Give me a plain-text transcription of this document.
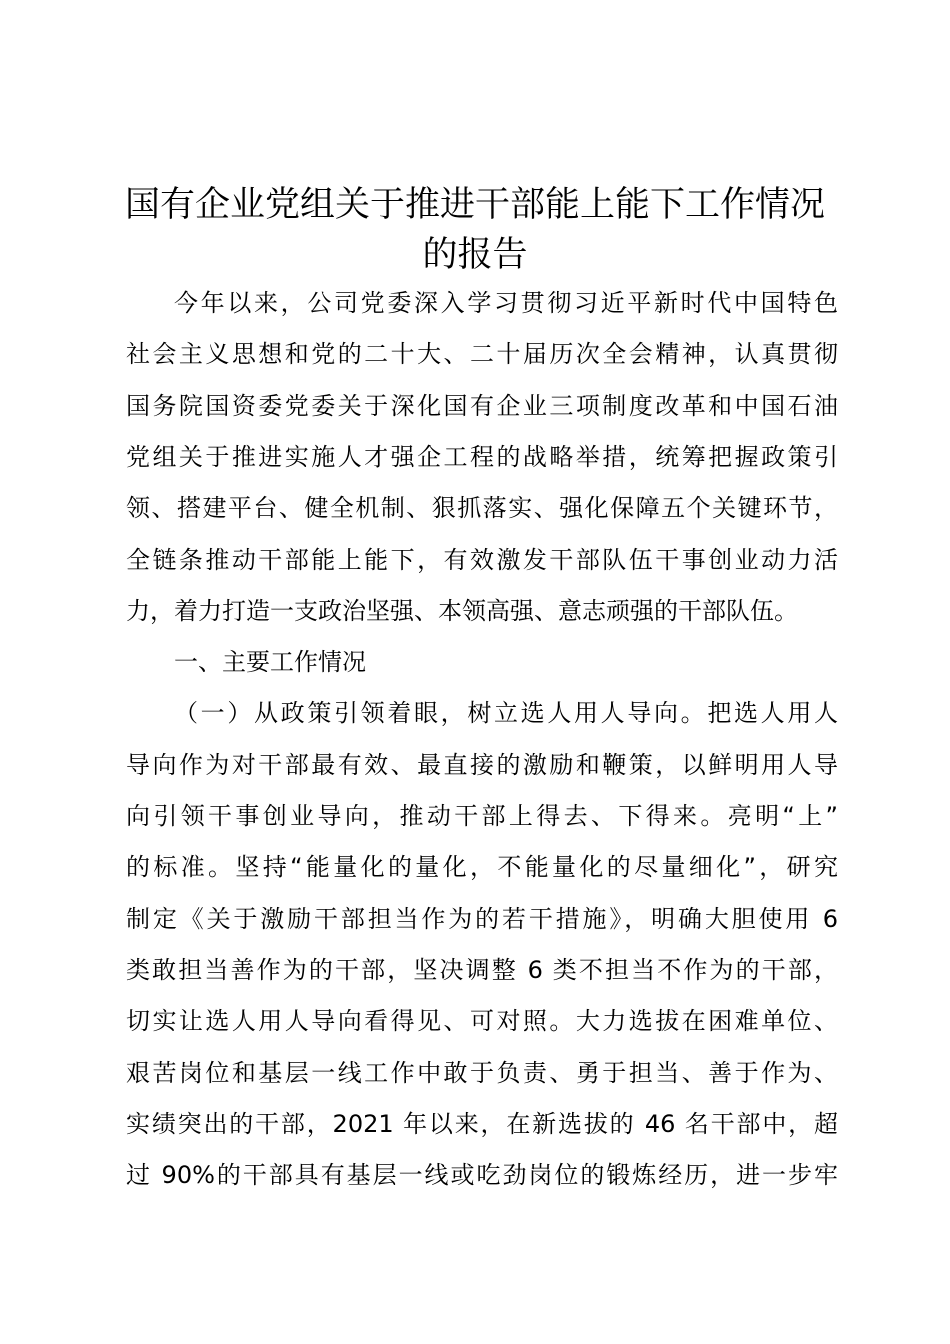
国有企业党组关于推进干部能上能下工作情况
的报告
今年以来，公司党委深入学习贯彻习近平新时代中国特色
社会主义思想和党的二十大、二十届历次全会精神，认真贯彻
国务院国资委党委关于深化国有企业三项制度改革和中国石油
党组关于推进实施人才强企工程的战略举措，统筹把握政策引
领、搭建平台、健全机制、狠抓落实、强化保障五个关键环节，
全链条推动干部能上能下，有效激发干部队伍干事创业动力活
力，着力打造一支政治坚强、本领高强、意志顽强的干部队伍。
一、主要工作情况
（一）从政策引领着眼，树立选人用人导向。把选人用人
导向作为对干部最有效、最直接的激励和鞭策，以鲜明用人导
向引领干事创业导向，推动干部上得去、下得来。亮明“上”
的标准。坚持“能量化的量化，不能量化的尽量细化”，研究
制定《关于激励干部担当作为的若干措施》，明确大胆使用 6
类敢担当善作为的干部，坚决调整 6 类不担当不作为的干部，
切实让选人用人导向看得见、可对照。大力选拔在困难单位、
艰苦岗位和基层一线工作中敢于负责、勇于担当、善于作为、
实绩突出的干部，2021 年以来，在新选拔的 46 名干部中，超
过 90%的干部具有基层一线或吃劲岗位的锻炼经历，进一步牢
